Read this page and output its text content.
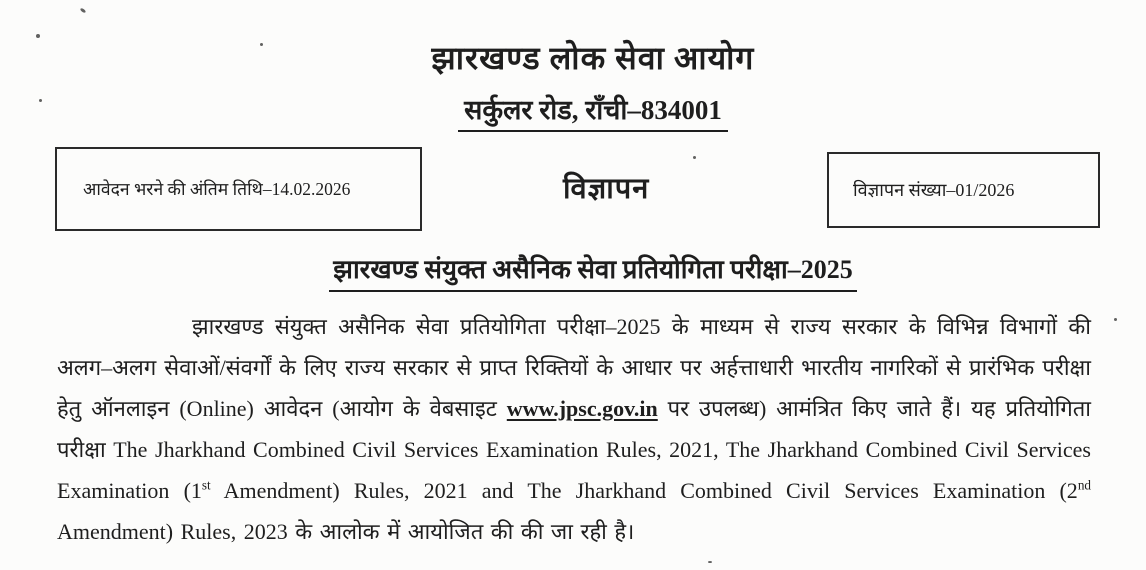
झारखण्ड लोक सेवा आयोग
सर्कुलर रोड, राँची–834001
आवेदन भरने की अंतिम तिथि–14.02.2026	विज्ञापन	विज्ञापन संख्या–01/2026
झारखण्ड संयुक्त असैनिक सेवा प्रतियोगिता परीक्षा–2025

झारखण्ड संयुक्त असैनिक सेवा प्रतियोगिता परीक्षा–2025 के माध्यम से राज्य सरकार के विभिन्न विभागों की अलग–अलग सेवाओं/संवर्गों के लिए राज्य सरकार से प्राप्त रिक्तियों के आधार पर अर्हत्ताधारी भारतीय नागरिकों से प्रारंभिक परीक्षा हेतु ऑनलाइन (Online) आवेदन (आयोग के वेबसाइट www.jpsc.gov.in पर उपलब्ध) आमंत्रित किए जाते हैं। यह प्रतियोगिता परीक्षा The Jharkhand Combined Civil Services Examination Rules, 2021, The Jharkhand Combined Civil Services Examination (1st Amendment) Rules, 2021 and The Jharkhand Combined Civil Services Examination (2nd Amendment) Rules, 2023 के आलोक में आयोजित की की जा रही है।
